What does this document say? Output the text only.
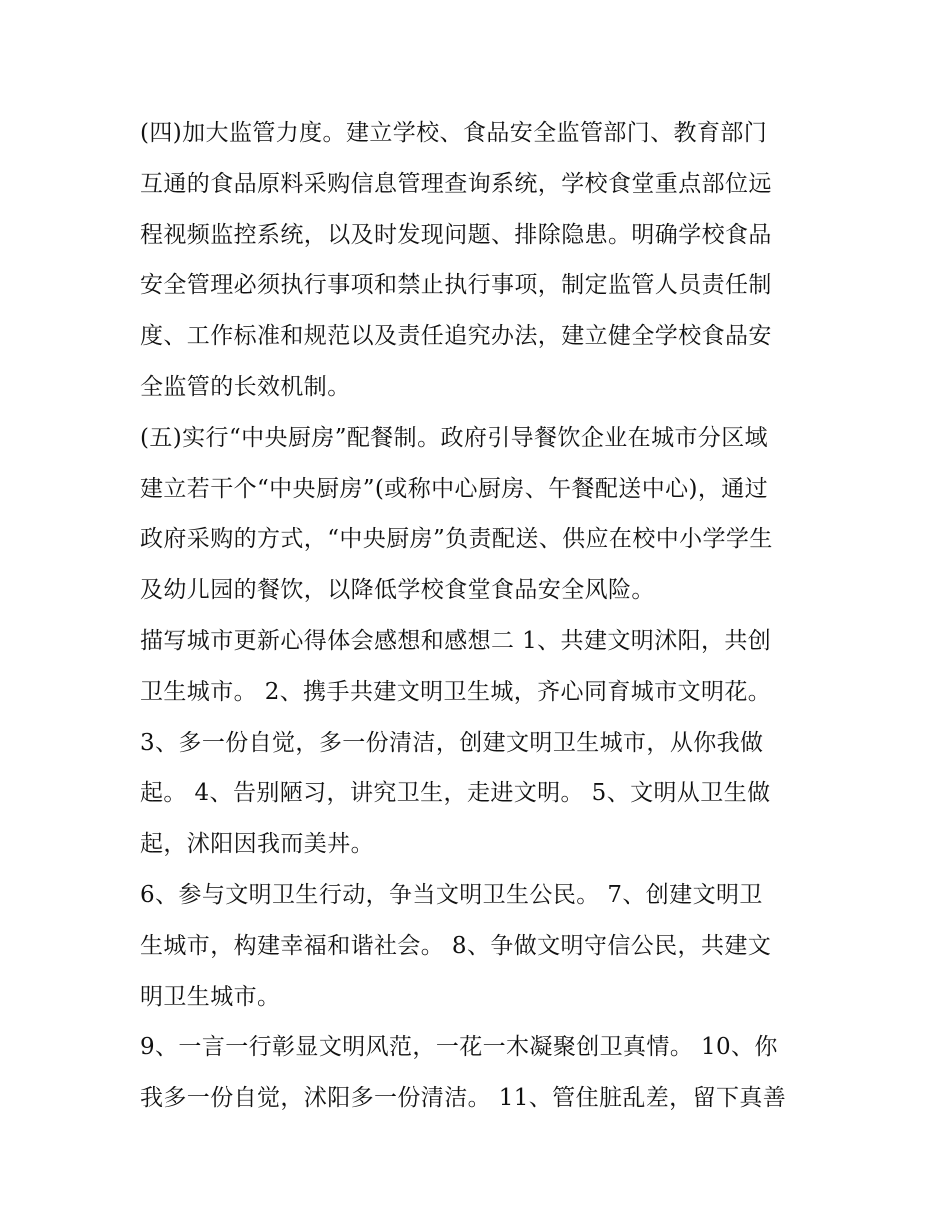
(四)加大监管力度。建立学校、食品安全监管部门、教育部门
互通的食品原料采购信息管理查询系统，学校食堂重点部位远
程视频监控系统，以及时发现问题、排除隐患。明确学校食品
安全管理必须执行事项和禁止执行事项，制定监管人员责任制
度、工作标准和规范以及责任追究办法，建立健全学校食品安
全监管的长效机制。

(五)实行“中央厨房”配餐制。政府引导餐饮企业在城市分区域
建立若干个“中央厨房”(或称中心厨房、午餐配送中心)，通过
政府采购的方式，“中央厨房”负责配送、供应在校中小学学生
及幼儿园的餐饮，以降低学校食堂食品安全风险。

描写城市更新心得体会感想和感想二 1、共建文明沭阳，共创
卫生城市。 2、携手共建文明卫生城，齐心同育城市文明花。
3、多一份自觉，多一份清洁，创建文明卫生城市，从你我做
起。 4、告别陋习，讲究卫生，走进文明。 5、文明从卫生做
起，沭阳因我而美丼。

6、参与文明卫生行动，争当文明卫生公民。 7、创建文明卫
生城市，构建幸福和谐社会。 8、争做文明守信公民，共建文
明卫生城市。

9、一言一行彰显文明风范，一花一木凝聚创卫真情。 10、你
我多一份自觉，沭阳多一份清洁。 11、管住脏乱差，留下真善
